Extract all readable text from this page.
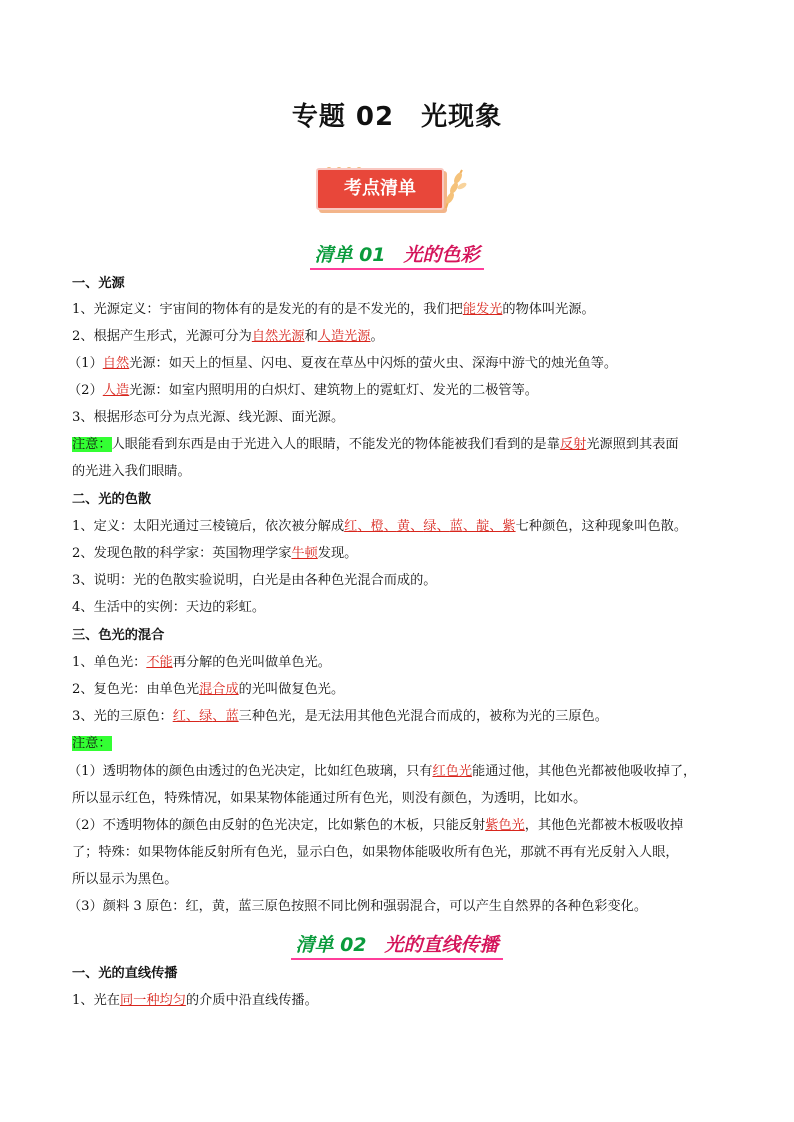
专题 02　光现象
考点清单
清单 01 光的色彩
一、光源
1、光源定义：宇宙间的物体有的是发光的有的是不发光的，我们把能发光的物体叫光源。
2、根据产生形式，光源可分为自然光源和人造光源。
（1）自然光源：如天上的恒星、闪电、夏夜在草丛中闪烁的萤火虫、深海中游弋的烛光鱼等。
（2）人造光源：如室内照明用的白炽灯、建筑物上的霓虹灯、发光的二极管等。
3、根据形态可分为点光源、线光源、面光源。
注意：人眼能看到东西是由于光进入人的眼睛，不能发光的物体能被我们看到的是靠反射光源照到其表面
的光进入我们眼睛。
二、光的色散
1、定义：太阳光通过三棱镜后，依次被分解成红、橙、黄、绿、蓝、靛、紫七种颜色，这种现象叫色散。
2、发现色散的科学家：英国物理学家牛顿发现。
3、说明：光的色散实验说明，白光是由各种色光混合而成的。
4、生活中的实例：天边的彩虹。
三、色光的混合
1、单色光：不能再分解的色光叫做单色光。
2、复色光：由单色光混合成的光叫做复色光。
3、光的三原色：红、绿、蓝三种色光，是无法用其他色光混合而成的，被称为光的三原色。
注意：
（1）透明物体的颜色由透过的色光决定，比如红色玻璃，只有红色光能通过他，其他色光都被他吸收掉了，
所以显示红色，特殊情况，如果某物体能通过所有色光，则没有颜色，为透明，比如水。
（2）不透明物体的颜色由反射的色光决定，比如紫色的木板，只能反射紫色光，其他色光都被木板吸收掉
了；特殊：如果物体能反射所有色光，显示白色，如果物体能吸收所有色光，那就不再有光反射入人眼，
所以显示为黑色。
（3）颜料 3 原色：红，黄，蓝三原色按照不同比例和强弱混合，可以产生自然界的各种色彩变化。
清单 02 光的直线传播
一、光的直线传播
1、光在同一种均匀的介质中沿直线传播。
